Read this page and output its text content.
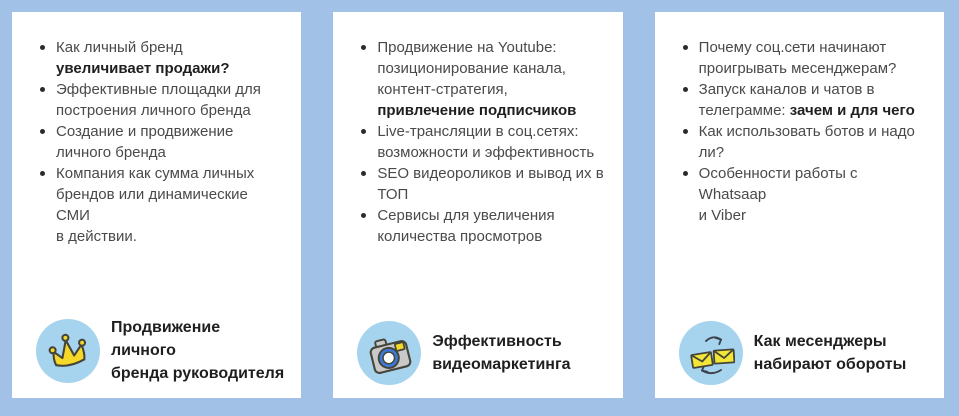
Как личный бренд
увеличивает продажи?
Эффективные площадки для
построения личного бренда
Создание и продвижение
личного бренда
Компания как сумма личных
брендов или динамические СМИ
в действии.
Продвижение личного
бренда руководителя
Продвижение на Youtube:
позиционирование канала,
контент-стратегия,
привлечение подписчиков
Live-трансляции в соц.сетях:
возможности и эффективность
SEO видеороликов и вывод их в
ТОП
Сервисы для увеличения
количества просмотров
Эффективность
видеомаркетинга
Почему соц.сети начинают
проигрывать месенджерам?
Запуск каналов и чатов в
телеграмме: зачем и для чего
Как использовать ботов и надо
ли?
Особенности работы с Whatsaap
и Viber
Как месенджеры
набирают обороты
